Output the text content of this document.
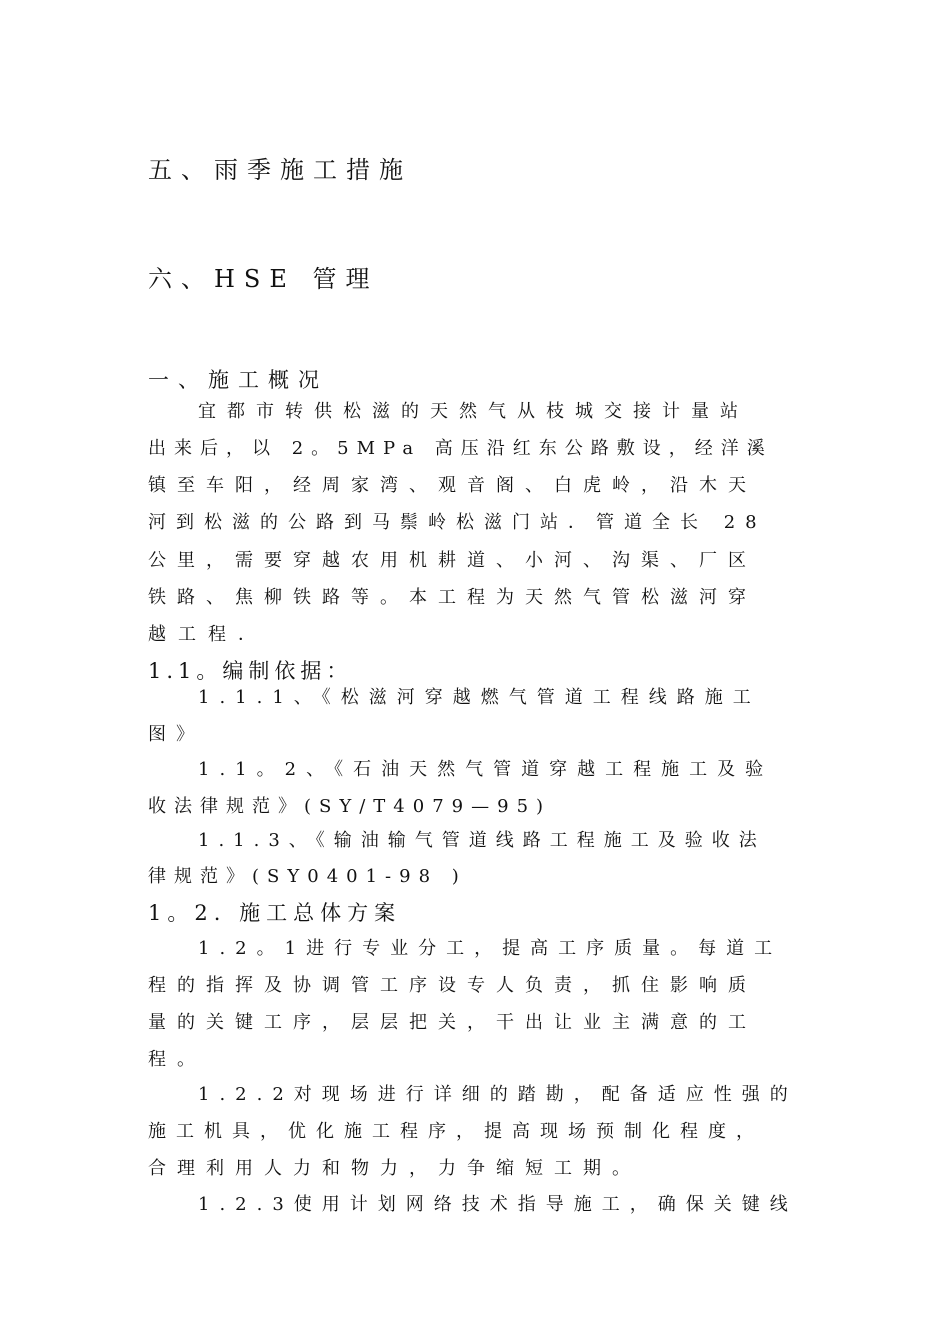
五、雨季施工措施
六、HSE 管理
一、施工概况
宜都市转供松滋的天然气从枝城交接计量站
出来后，以 2。5MPa 高压沿红东公路敷设，经洋溪
镇至车阳，经周家湾、观音阁、白虎岭，沿木天
河到松滋的公路到马鬃岭松滋门站．管道全长 28
公里，需要穿越农用机耕道、小河、沟渠、厂区
铁路、焦柳铁路等。本工程为天然气管松滋河穿
越工程．
1.1。编制依据：
1.1.1、《松滋河穿越燃气管道工程线路施工
图》
1.1。2、《石油天然气管道穿越工程施工及验
收法律规范》(SY/T4079—95)
1.1.3、《输油输气管道线路工程施工及验收法
律规范》(SY0401-98 )
1。2. 施工总体方案
1.2。1进行专业分工，提高工序质量。每道工
程的指挥及协调管工序设专人负责，抓住影响质
量的关键工序，层层把关，干出让业主满意的工
程。
1.2.2对现场进行详细的踏勘，配备适应性强的
施工机具，优化施工程序，提高现场预制化程度，
合理利用人力和物力，力争缩短工期。
1.2.3使用计划网络技术指导施工，确保关键线
